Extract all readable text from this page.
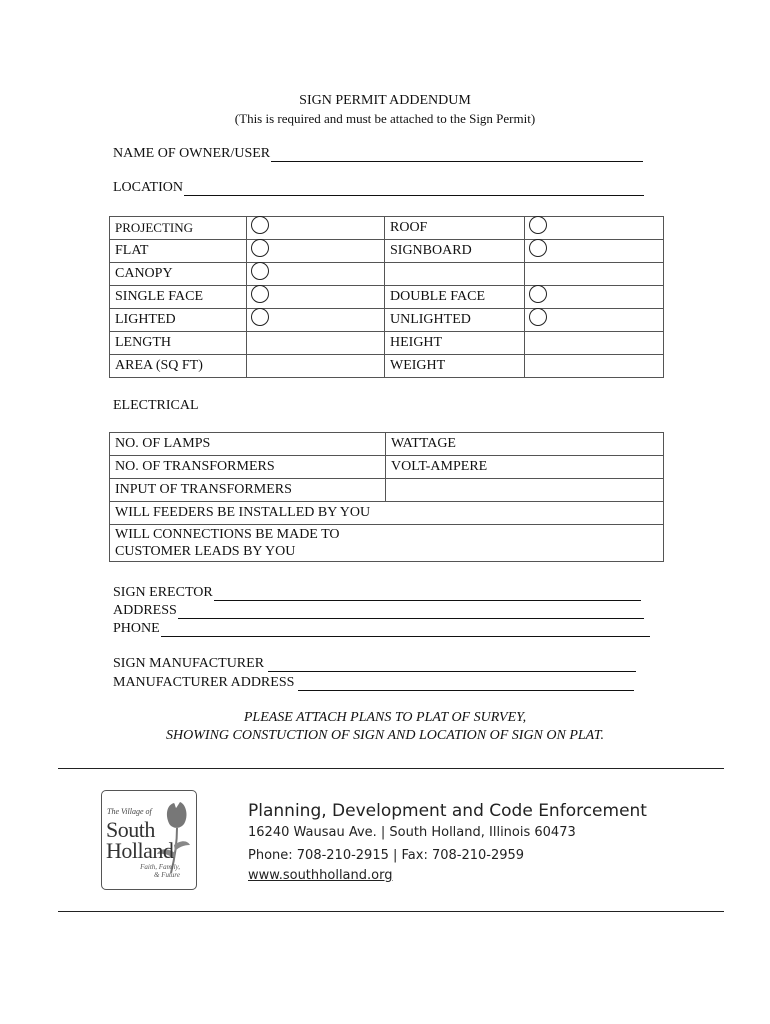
SIGN PERMIT ADDENDUM
(This is required and must be attached to the Sign Permit)
NAME OF OWNER/USER
LOCATION
PROJECTING		ROOF	
FLAT		SIGNBOARD	
CANOPY			
SINGLE FACE		DOUBLE FACE	
LIGHTED		UNLIGHTED	
LENGTH		HEIGHT	
AREA (SQ FT)		WEIGHT	
ELECTRICAL
NO. OF LAMPS	WATTAGE
NO. OF TRANSFORMERS	VOLT-AMPERE
INPUT OF TRANSFORMERS	
WILL FEEDERS BE INSTALLED BY YOU	
WILL CONNECTIONS BE MADE TO
CUSTOMER LEADS BY YOU	
SIGN ERECTOR
ADDRESS
PHONE
SIGN MANUFACTURER
MANUFACTURER ADDRESS
PLEASE ATTACH PLANS TO PLAT OF SURVEY,
SHOWING CONSTUCTION OF SIGN AND LOCATION OF SIGN ON PLAT.
The Village of
South
Holland
Faith, Family,
& Future
Planning, Development and Code Enforcement
16240 Wausau Ave. | South Holland, Illinois 60473
Phone: 708-210-2915 | Fax: 708-210-2959
www.southholland.org
